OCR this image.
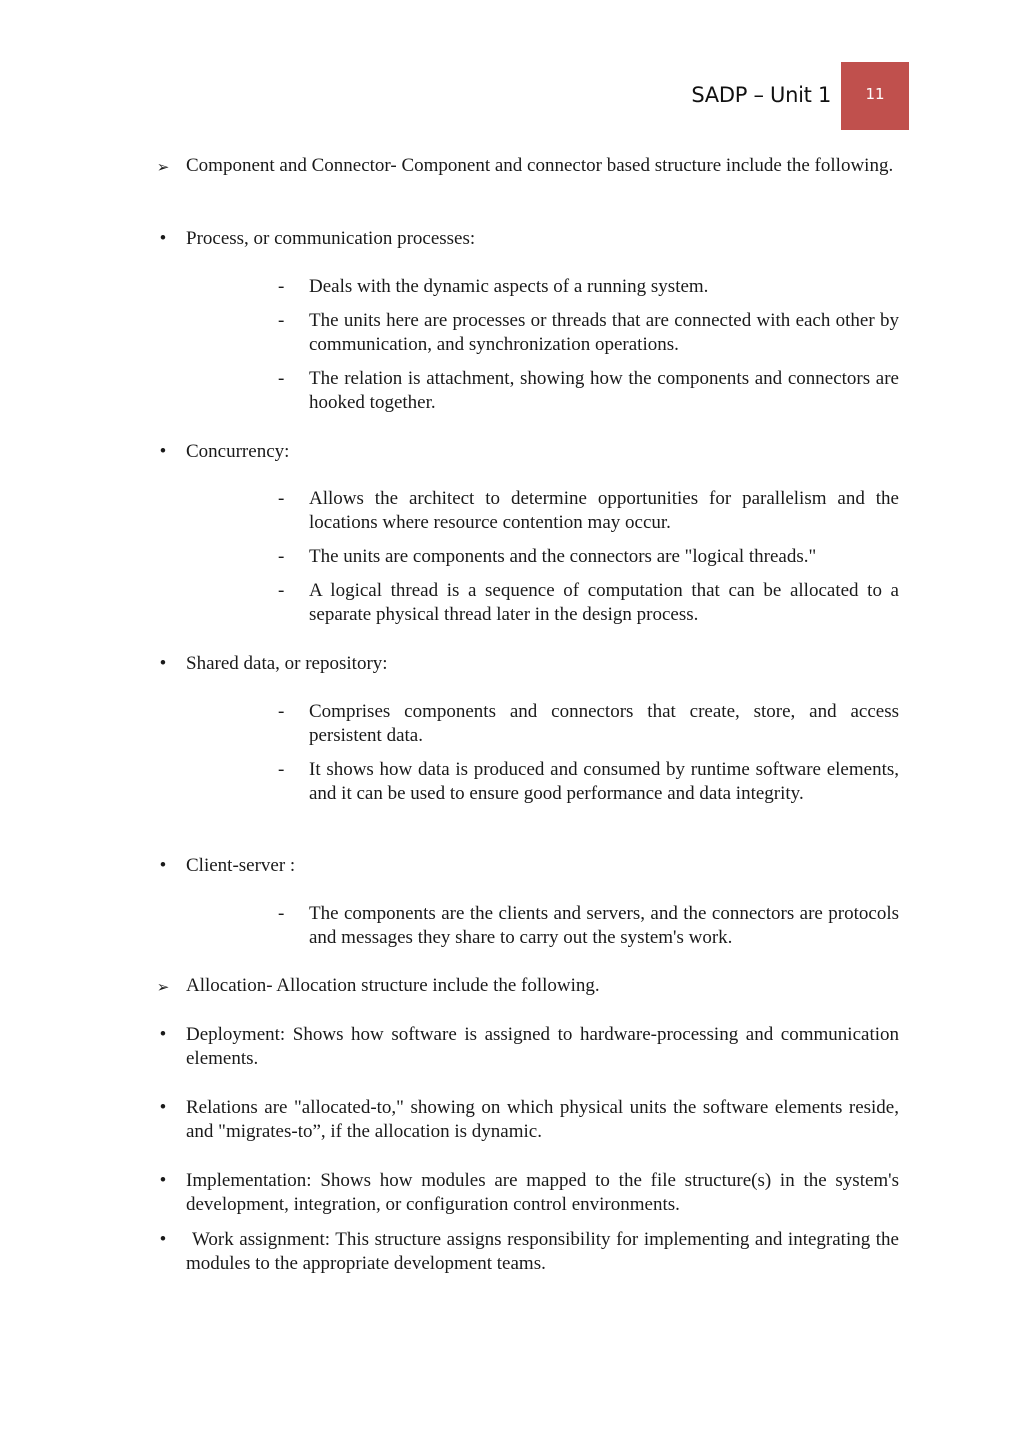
SADP – Unit 1	11
➢ Component and Connector- Component and connector based structure include the following.
•	Process, or communication processes:
- Deals with the dynamic aspects of a running system.
- The units here are processes or threads that are connected with each other by communication, and synchronization operations.
- The relation is attachment, showing how the components and connectors are hooked together.
•	Concurrency:
- Allows the architect to determine opportunities for parallelism and the locations where resource contention may occur.
- The units are components and the connectors are "logical threads."
- A logical thread is a sequence of computation that can be allocated to a separate physical thread later in the design process.
•	Shared data, or repository:
- Comprises components and connectors that create, store, and access persistent data.
- It shows how data is produced and consumed by runtime software elements, and it can be used to ensure good performance and data integrity.
•	Client-server :
- The components are the clients and servers, and the connectors are protocols and messages they share to carry out the system's work.
➢ Allocation- Allocation structure include the following.
•	Deployment: Shows how software is assigned to hardware-processing and communication elements.
•	Relations are "allocated-to," showing on which physical units the software elements reside, and "migrates-to”, if the allocation is dynamic.
•	Implementation: Shows how modules are mapped to the file structure(s) in the system's development, integration, or configuration control environments.
•	Work assignment: This structure assigns responsibility for implementing and integrating the modules to the appropriate development teams.
